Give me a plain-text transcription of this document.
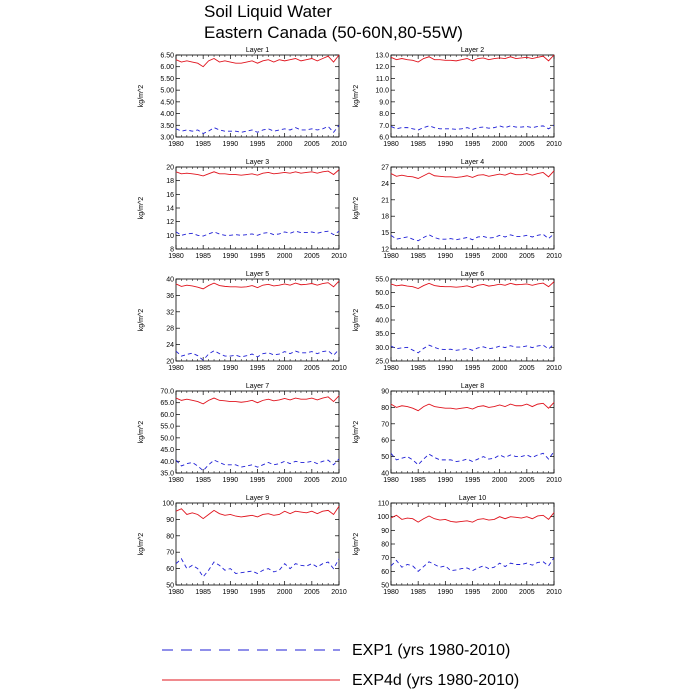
Soil Liquid Water
Eastern Canada (50-60N,80-55W)
Layer 1
1980 1985 1990 1995 2000 2005 2010
3.00
3.50
4.00
4.50
5.00
5.50
6.00
6.50
kg/m^2
Layer 2
1980 1985 1990 1995 2000 2005 2010
6.0
7.0
8.0
9.0
10.0
11.0
12.0
13.0
kg/m^2
Layer 3
1980 1985 1990 1995 2000 2005 2010
8
10
12
14
16
18
20
kg/m^2
Layer 4
1980 1985 1990 1995 2000 2005 2010
12
15
18
21
24
27
kg/m^2
Layer 5
1980 1985 1990 1995 2000 2005 2010
20
24
28
32
36
40
kg/m^2
Layer 6
1980 1985 1990 1995 2000 2005 2010
25.0
30.0
35.0
40.0
45.0
50.0
55.0
kg/m^2
Layer 7
1980 1985 1990 1995 2000 2005 2010
35.0
40.0
45.0
50.0
55.0
60.0
65.0
70.0
kg/m^2
Layer 8
1980 1985 1990 1995 2000 2005 2010
40
50
60
70
80
90
kg/m^2
Layer 9
1980 1985 1990 1995 2000 2005 2010
50
60
70
80
90
100
kg/m^2
Layer 10
1980 1985 1990 1995 2000 2005 2010
50
60
70
80
90
100
110
kg/m^2
EXP1 (yrs 1980-2010)
EXP4d (yrs 1980-2010)
